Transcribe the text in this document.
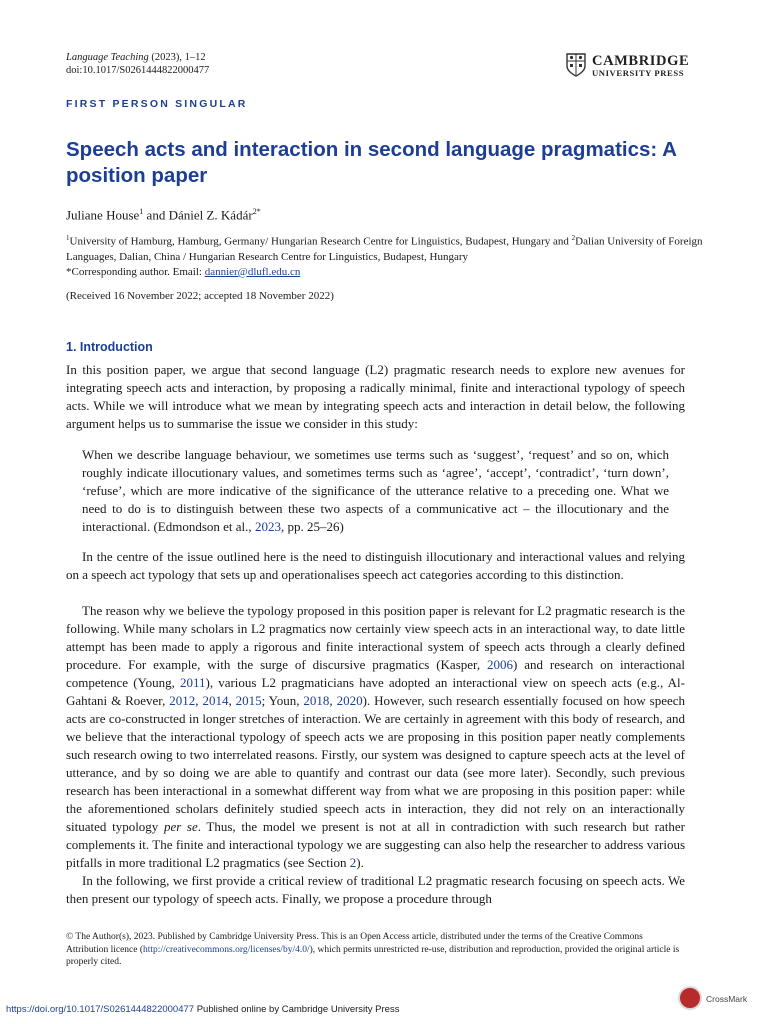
Language Teaching (2023), 1–12
doi:10.1017/S0261444822000477
CAMBRIDGE
UNIVERSITY PRESS
FIRST PERSON SINGULAR
Speech acts and interaction in second language pragmatics: A position paper
Juliane House$^1$ and Dániel Z. Kádár$^{2*}$
$^1$University of Hamburg, Hamburg, Germany/ Hungarian Research Centre for Linguistics, Budapest, Hungary and $^2$Dalian University of Foreign Languages, Dalian, China / Hungarian Research Centre for Linguistics, Budapest, Hungary
*Corresponding author. Email: dannier@dlufl.edu.cn
(Received 16 November 2022; accepted 18 November 2022)
1. Introduction
In this position paper, we argue that second language (L2) pragmatic research needs to explore new avenues for integrating speech acts and interaction, by proposing a radically minimal, finite and interactional typology of speech acts. While we will introduce what we mean by integrating speech acts and interaction in detail below, the following argument helps us to summarise the issue we consider in this study:
When we describe language behaviour, we sometimes use terms such as ‘suggest’, ‘request’ and so on, which roughly indicate illocutionary values, and sometimes terms such as ‘agree’, ‘accept’, ‘contradict’, ‘turn down’, ‘refuse’, which are more indicative of the significance of the utterance relative to a preceding one. What we need to do is to distinguish between these two aspects of a communicative act – the illocutionary and the interactional. (Edmondson et al., 2023, pp. 25–26)
In the centre of the issue outlined here is the need to distinguish illocutionary and interactional values and relying on a speech act typology that sets up and operationalises speech act categories according to this distinction.
The reason why we believe the typology proposed in this position paper is relevant for L2 pragmatic research is the following. While many scholars in L2 pragmatics now certainly view speech acts in an interactional way, to date little attempt has been made to apply a rigorous and finite interactional system of speech acts through a clearly defined procedure. For example, with the surge of discursive pragmatics (Kasper, 2006) and research on interactional competence (Young, 2011), various L2 pragmaticians have adopted an interactional view on speech acts (e.g., Al-Gahtani & Roever, 2012, 2014, 2015; Youn, 2018, 2020). However, such research essentially focused on how speech acts are co-constructed in longer stretches of interaction. We are certainly in agreement with this body of research, and we believe that the interactional typology of speech acts we are proposing in this position paper neatly complements such research owing to two interrelated reasons. Firstly, our system was designed to capture speech acts at the level of utterance, and by so doing we are able to quantify and contrast our data (see more later). Secondly, such previous research has been interactional in a somewhat different way from what we are proposing in this position paper: while the aforementioned scholars definitely studied speech acts in interaction, they did not rely on an interactionally situated typology per se. Thus, the model we present is not at all in contradiction with such research but rather complements it. The finite and interactional typology we are suggesting can also help the researcher to address various pitfalls in more traditional L2 pragmatics (see Section 2).
In the following, we first provide a critical review of traditional L2 pragmatic research focusing on speech acts. We then present our typology of speech acts. Finally, we propose a procedure through
© The Author(s), 2023. Published by Cambridge University Press. This is an Open Access article, distributed under the terms of the Creative Commons Attribution licence (http://creativecommons.org/licenses/by/4.0/), which permits unrestricted re-use, distribution and reproduction, provided the original article is properly cited.
https://doi.org/10.1017/S0261444822000477 Published online by Cambridge University Press
CrossMark
